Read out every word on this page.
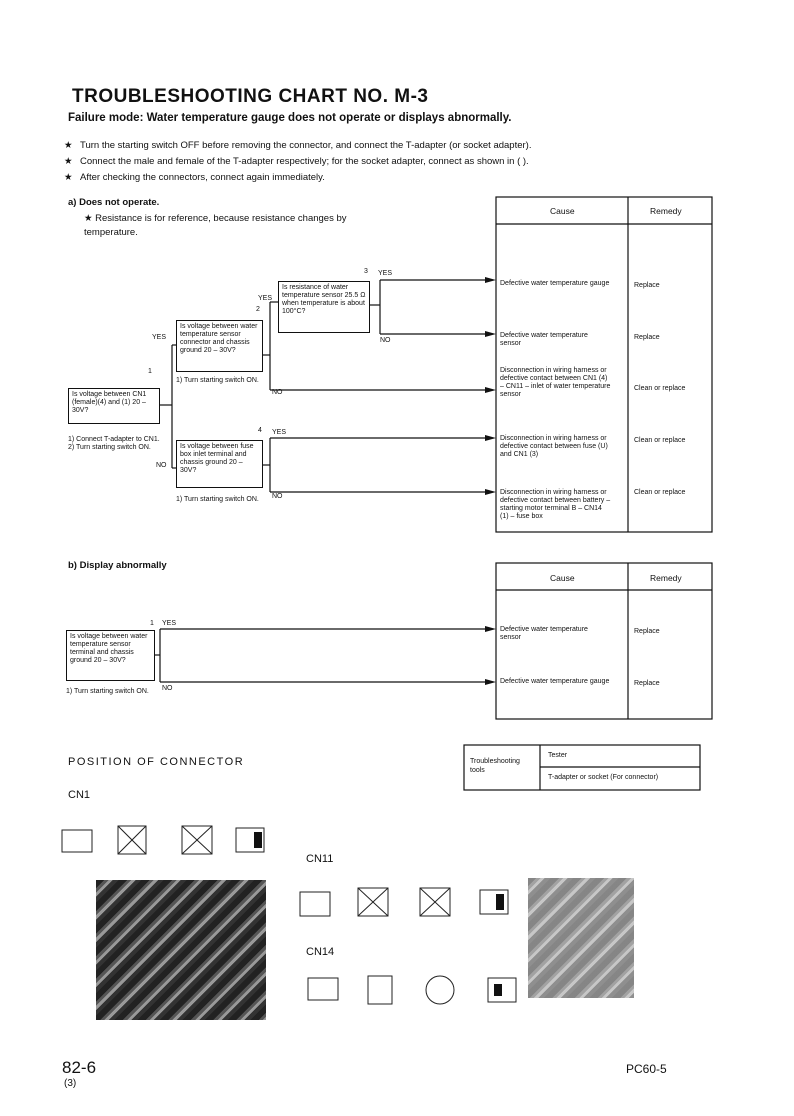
TROUBLESHOOTING CHART NO. M-3
Failure mode: Water temperature gauge does not operate or displays abnormally.
★ Turn the starting switch OFF before removing the connector, and connect the T-adapter (or socket adapter).
★ Connect the male and female of the T-adapter respectively; for the socket adapter, connect as shown in ( ).
★ After checking the connectors, connect again immediately.
a) Does not operate.
★ Resistance is for reference, because resistance changes by temperature.
Cause	Remedy
Is voltage between CN1 (female)(4) and (1) 20 – 30V?
1) Connect T-adapter to CN1.
2) Turn starting switch ON.
1
YES
NO
Is voltage between water temperature sensor connector and chassis ground 20 – 30V?
1) Turn starting switch ON.
2
YES
NO
Is resistance of water temperature sensor 25.5 Ω when temperature is about 100°C?
3 YES
NO
Is voltage between fuse box inlet terminal and chassis ground 20 – 30V?
1) Turn starting switch ON.
4 YES
NO
Defective water temperature gauge	Replace
Defective water temperature sensor
Replace
Disconnection in wiring harness or defective contact between CN1 (4) – CN11 – inlet of water temperature sensor
Clean or replace
Disconnection in wiring harness or defective contact between fuse (U) and CN1 (3)
Clean or replace
Disconnection in wiring harness or defective contact between battery – starting motor terminal B – CN14 (1) – fuse box
Clean or replace
b) Display abnormally
Cause	Remedy
Is voltage between water temperature sensor terminal and chassis ground 20 – 30V?
1) Turn starting switch ON.
1 YES
NO
Defective water temperature sensor
Replace
Defective water temperature gauge	Replace
POSITION OF CONNECTOR	Troubleshooting tools
Tester
T-adapter or socket (For connector)
CN1
CN11
CN14
82-6
(3)
PC60-5
